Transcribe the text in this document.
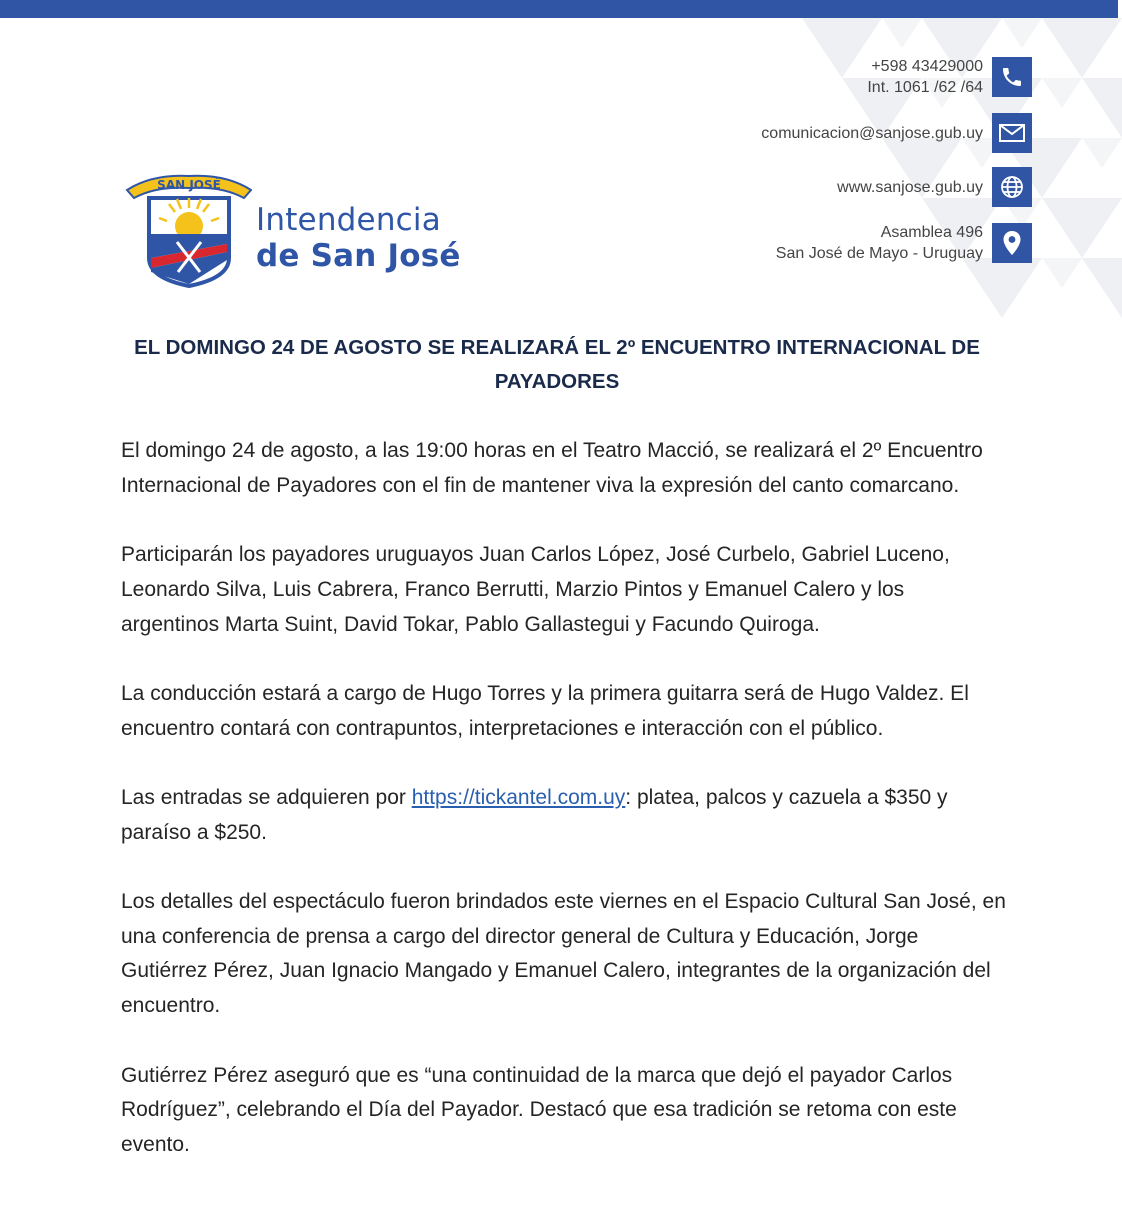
SAN JOSÉ
Intendencia
de San José
+598 43429000
Int. 1061 /62 /64
comunicacion@sanjose.gub.uy
www.sanjose.gub.uy
Asamblea 496
San José de Mayo - Uruguay
EL DOMINGO 24 DE AGOSTO SE REALIZARÁ EL 2º ENCUENTRO INTERNACIONAL DE PAYADORES

El domingo 24 de agosto, a las 19:00 horas en el Teatro Macció, se realizará el 2º Encuentro Internacional de Payadores con el fin de mantener viva la expresión del canto comarcano.

Participarán los payadores uruguayos Juan Carlos López, José Curbelo, Gabriel Luceno, Leonardo Silva, Luis Cabrera, Franco Berrutti, Marzio Pintos y Emanuel Calero y los argentinos Marta Suint, David Tokar, Pablo Gallastegui y Facundo Quiroga.

La conducción estará a cargo de Hugo Torres y la primera guitarra será de Hugo Valdez. El encuentro contará con contrapuntos, interpretaciones e interacción con el público.

Las entradas se adquieren por https://tickantel.com.uy: platea, palcos y cazuela a $350 y paraíso a $250.

Los detalles del espectáculo fueron brindados este viernes en el Espacio Cultural San José, en una conferencia de prensa a cargo del director general de Cultura y Educación, Jorge Gutiérrez Pérez, Juan Ignacio Mangado y Emanuel Calero, integrantes de la organización del encuentro.

Gutiérrez Pérez aseguró que es “una continuidad de la marca que dejó el payador Carlos Rodríguez”, celebrando el Día del Payador. Destacó que esa tradición se retoma con este evento.
